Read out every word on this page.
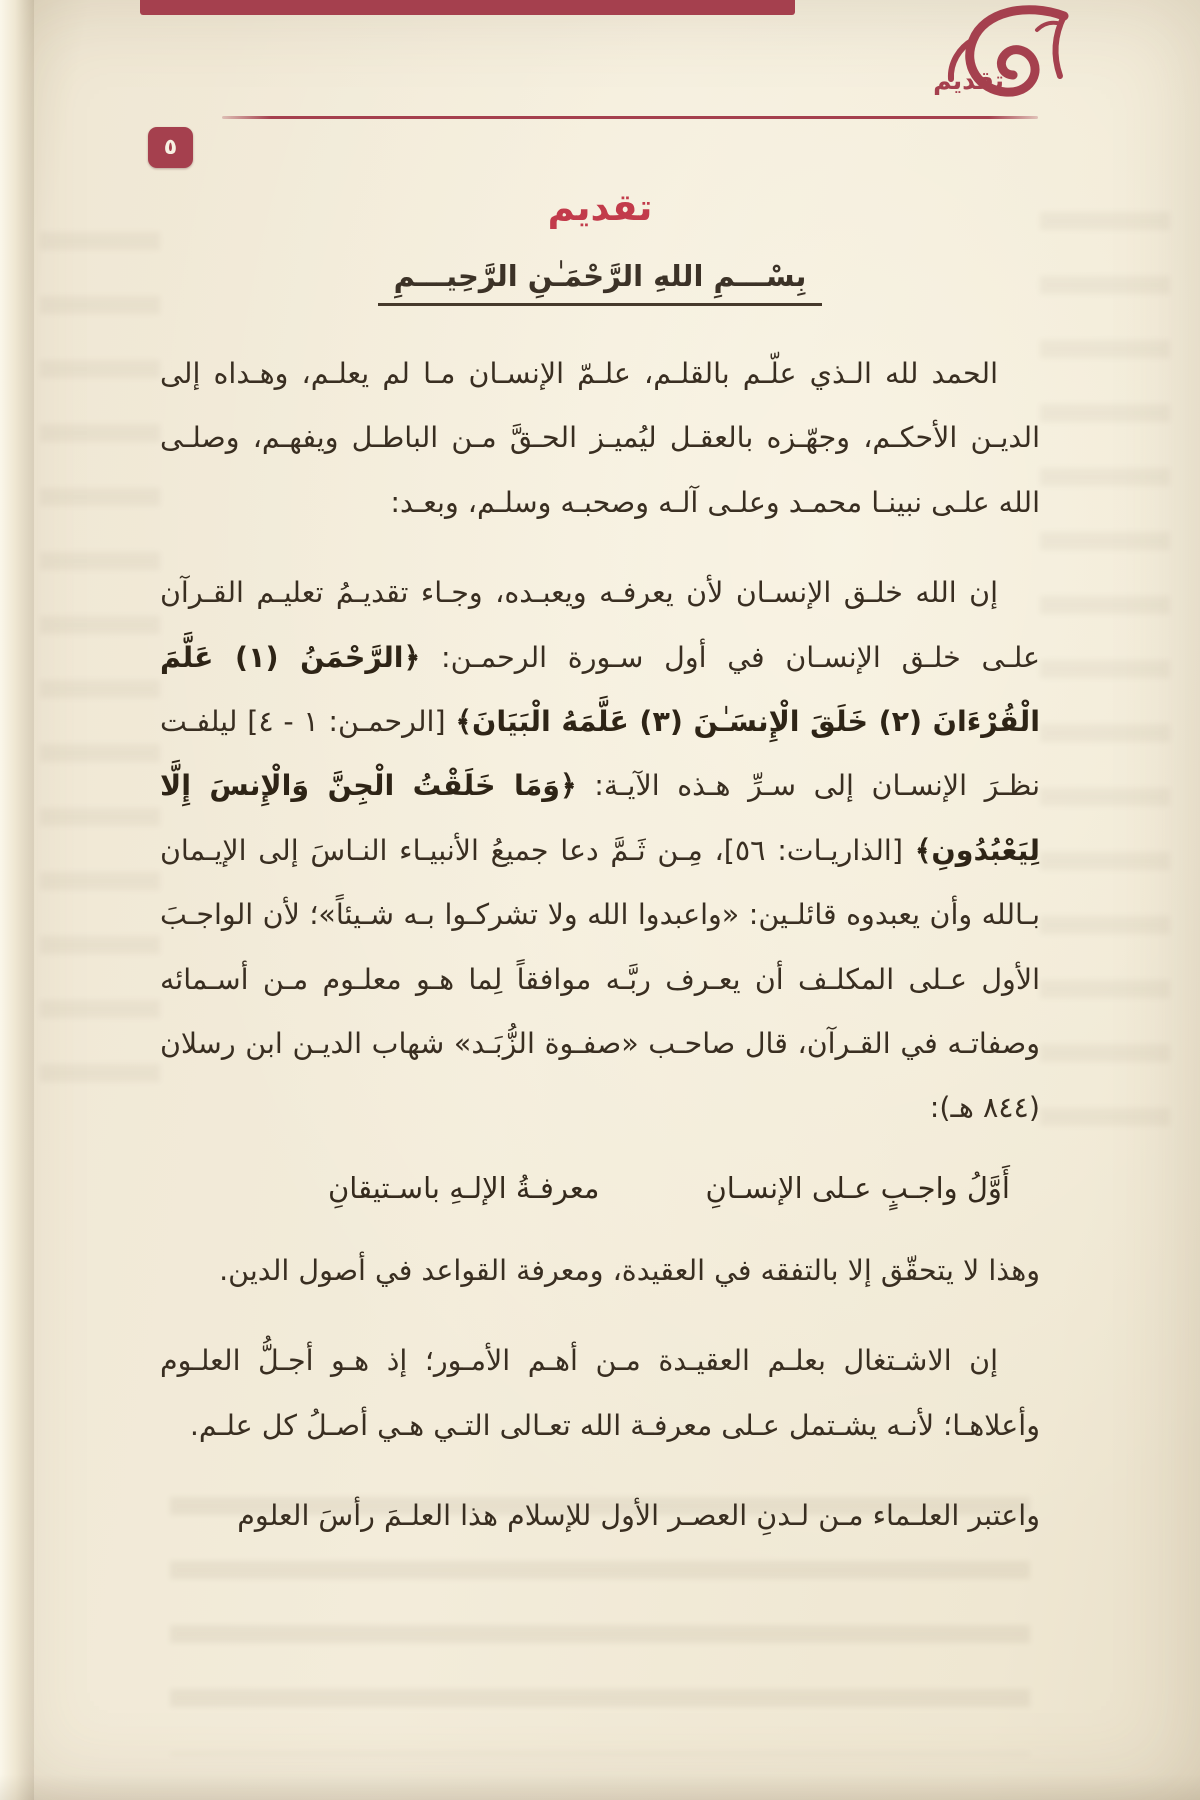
تقديم
٥
تقديم
بِسْـــمِ اللهِ الرَّحْمَـٰنِ الرَّحِيـــمِ

الحمد لله الـذي علّـم بالقلـم، علـمّ الإنسـان مـا لم يعلـم، وهـداه إلى الديـن الأحكـم، وجهّـزه بالعقـل ليُميـز الحـقَّ مـن الباطـل ويفهـم، وصلـى الله علـى نبينـا محمـد وعلـى آلـه وصحبـه وسلـم، وبعـد:

إن الله خلـق الإنسـان لأن يعرفـه ويعبـده، وجـاء تقديـمُ تعليـم القـرآن علـى خلـق الإنسـان في أول سـورة الرحمـن: ﴿الرَّحْمَنُ (١) عَلَّمَ الْقُرْءَانَ (٢) خَلَقَ الْإِنسَـٰنَ (٣) عَلَّمَهُ الْبَيَانَ﴾ [الرحمـن: ١ - ٤] ليلفـت نظـرَ الإنسـان إلى سـرِّ هـذه الآيـة: ﴿وَمَا خَلَقْتُ الْجِنَّ وَالْإِنسَ إِلَّا لِيَعْبُدُونِ﴾ [الذاريـات: ٥٦]، مِـن ثَـمَّ دعا جميعُ الأنبيـاء النـاسَ إلى الإيـمان بـالله وأن يعبدوه قائلـين: «واعبدوا الله ولا تشركـوا بـه شـيئاً»؛ لأن الواجـبَ الأول عـلى المكلـف أن يعـرف ربَّـه موافقاً لِما هـو معلـوم مـن أسـمائه وصفاتـه في القـرآن، قال صاحـب «صفـوة الزُّبَـد» شهاب الديـن ابن رسلان (٨٤٤ هـ):

أَوَّلُ واجـبٍ عـلى الإنسـانِ
معرفـةُ الإلـهِ باسـتيقانِ

وهذا لا يتحقّق إلا بالتفقه في العقيدة، ومعرفة القواعد في أصول الدين.

إن الاشـتغال بعلـم العقيـدة مـن أهـم الأمـور؛ إذ هـو أجـلُّ العلـوم وأعلاهـا؛ لأنـه يشـتمل عـلى معرفـة الله تعـالى التـي هـي أصـلُ كل علـم.

واعتبر العلـماء مـن لـدنِ العصـر الأول للإسلام هذا العلـمَ رأسَ العلوم
